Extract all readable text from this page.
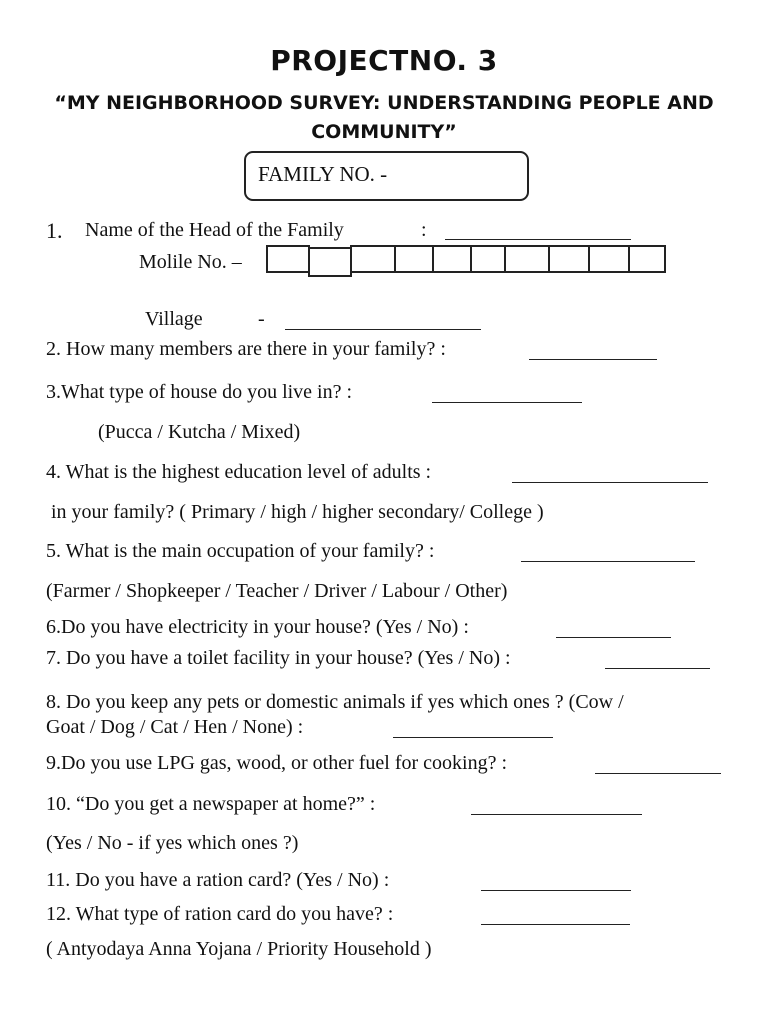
PROJECTNO. 3
“MY NEIGHBORHOOD SURVEY: UNDERSTANDING PEOPLE AND COMMUNITY”
FAMILY NO. -
1. Name of the Head of the Family	:
Molile No. –
Village	-
2. How many members are there in your family? :
3.What type of house do you live in? :
(Pucca / Kutcha / Mixed)
4. What is the highest education level of adults :
in your family? ( Primary / high / higher secondary/ College )
5. What is the main occupation of your family? :
(Farmer / Shopkeeper / Teacher / Driver / Labour / Other)
6.Do you have electricity in your house? (Yes / No) :
7. Do you have a toilet facility in your house? (Yes / No) :
8. Do you keep any pets or domestic animals if yes which ones ? (Cow /
Goat / Dog / Cat / Hen / None) :
9.Do you use LPG gas, wood, or other fuel for cooking? :
10. “Do you get a newspaper at home?” :
(Yes / No - if yes which ones ?)
11. Do you have a ration card? (Yes / No) :
12. What type of ration card do you have? :
( Antyodaya Anna Yojana / Priority Household )
